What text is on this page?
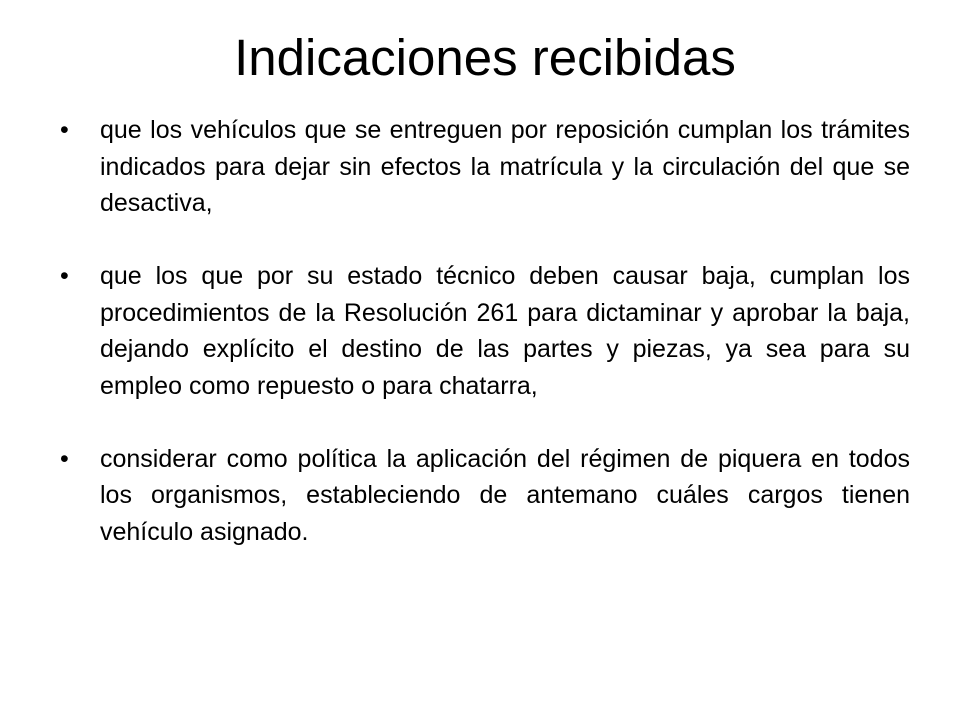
Indicaciones recibidas
•	que los vehículos que se entreguen por reposición cumplan los trámites indicados para dejar sin efectos la matrícula y la circulación del que se desactiva,
•	que los que por su estado técnico deben causar baja, cumplan los procedimientos de la Resolución 261 para dictaminar y aprobar la baja, dejando explícito el destino de las partes y piezas, ya sea para su empleo como repuesto o para chatarra,
•	considerar como política la aplicación del régimen de piquera en todos los organismos, estableciendo de antemano cuáles cargos tienen vehículo asignado.
